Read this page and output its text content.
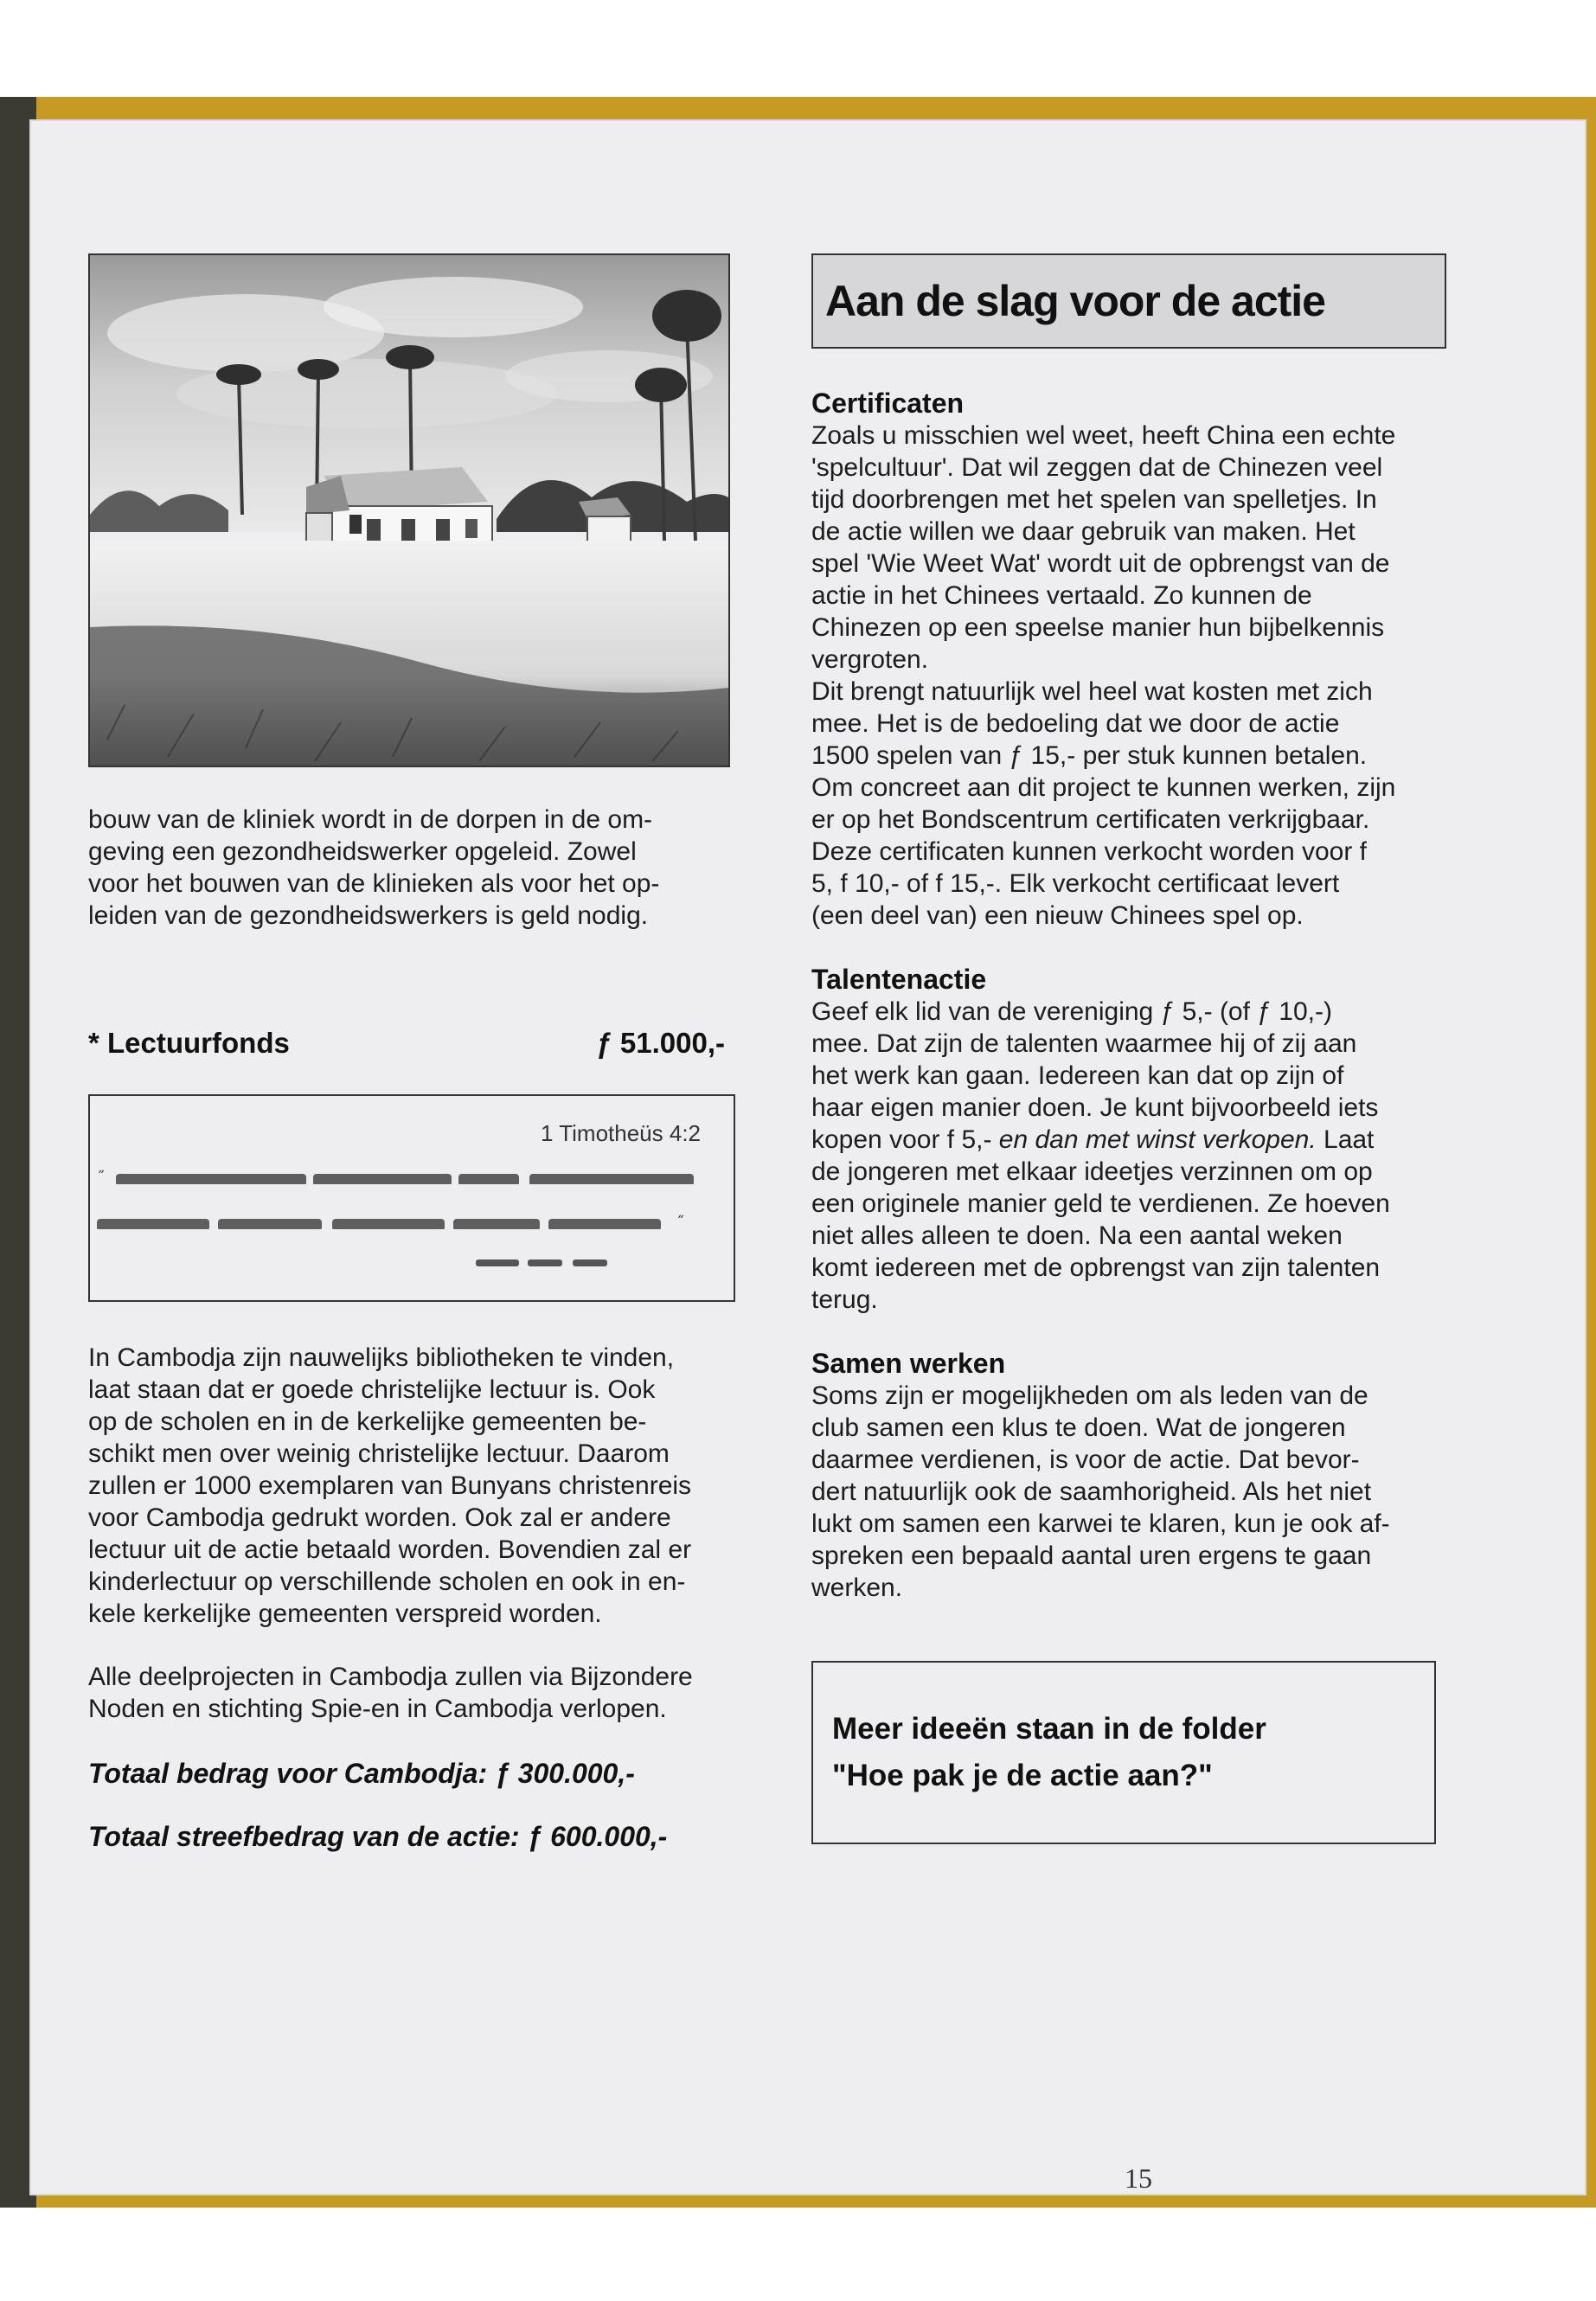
bouw van de kliniek wordt in de dorpen in de om-
geving een gezondheidswerker opgeleid. Zowel
voor het bouwen van de klinieken als voor het op-
leiden van de gezondheidswerkers is geld nodig.

* Lectuurfonds	ƒ 51.000,-
1 Timotheüs 4:2
˝
˝

In Cambodja zijn nauwelijks bibliotheken te vinden,
laat staan dat er goede christelijke lectuur is. Ook
op de scholen en in de kerkelijke gemeenten be-
schikt men over weinig christelijke lectuur. Daarom
zullen er 1000 exemplaren van Bunyans christenreis
voor Cambodja gedrukt worden. Ook zal er andere
lectuur uit de actie betaald worden. Bovendien zal er
kinderlectuur op verschillende scholen en ook in en-
kele kerkelijke gemeenten verspreid worden.

Alle deelprojecten in Cambodja zullen via Bijzondere
Noden en stichting Spie-en in Cambodja verlopen.

Totaal bedrag voor Cambodja: ƒ 300.000,-

Totaal streefbedrag van de actie: ƒ 600.000,-

Aan de slag voor de actie
Certificaten

Zoals u misschien wel weet, heeft China een echte
'spelcultuur'. Dat wil zeggen dat de Chinezen veel
tijd doorbrengen met het spelen van spelletjes. In
de actie willen we daar gebruik van maken. Het
spel 'Wie Weet Wat' wordt uit de opbrengst van de
actie in het Chinees vertaald. Zo kunnen de
Chinezen op een speelse manier hun bijbelkennis
vergroten.
Dit brengt natuurlijk wel heel wat kosten met zich
mee. Het is de bedoeling dat we door de actie
1500 spelen van ƒ 15,- per stuk kunnen betalen.
Om concreet aan dit project te kunnen werken, zijn
er op het Bondscentrum certificaten verkrijgbaar.
Deze certificaten kunnen verkocht worden voor f
5, f 10,- of f 15,-. Elk verkocht certificaat levert
(een deel van) een nieuw Chinees spel op.

Talentenactie

Geef elk lid van de vereniging ƒ 5,- (of ƒ 10,-)
mee. Dat zijn de talenten waarmee hij of zij aan
het werk kan gaan. Iedereen kan dat op zijn of
haar eigen manier doen. Je kunt bijvoorbeeld iets
kopen voor f 5,- en dan met winst verkopen. Laat
de jongeren met elkaar ideetjes verzinnen om op
een originele manier geld te verdienen. Ze hoeven
niet alles alleen te doen. Na een aantal weken
komt iedereen met de opbrengst van zijn talenten
terug.

Samen werken

Soms zijn er mogelijkheden om als leden van de
club samen een klus te doen. Wat de jongeren
daarmee verdienen, is voor de actie. Dat bevor-
dert natuurlijk ook de saamhorigheid. Als het niet
lukt om samen een karwei te klaren, kun je ook af-
spreken een bepaald aantal uren ergens te gaan
werken.

Meer ideeën staan in de folder

"Hoe pak je de actie aan?"

15
